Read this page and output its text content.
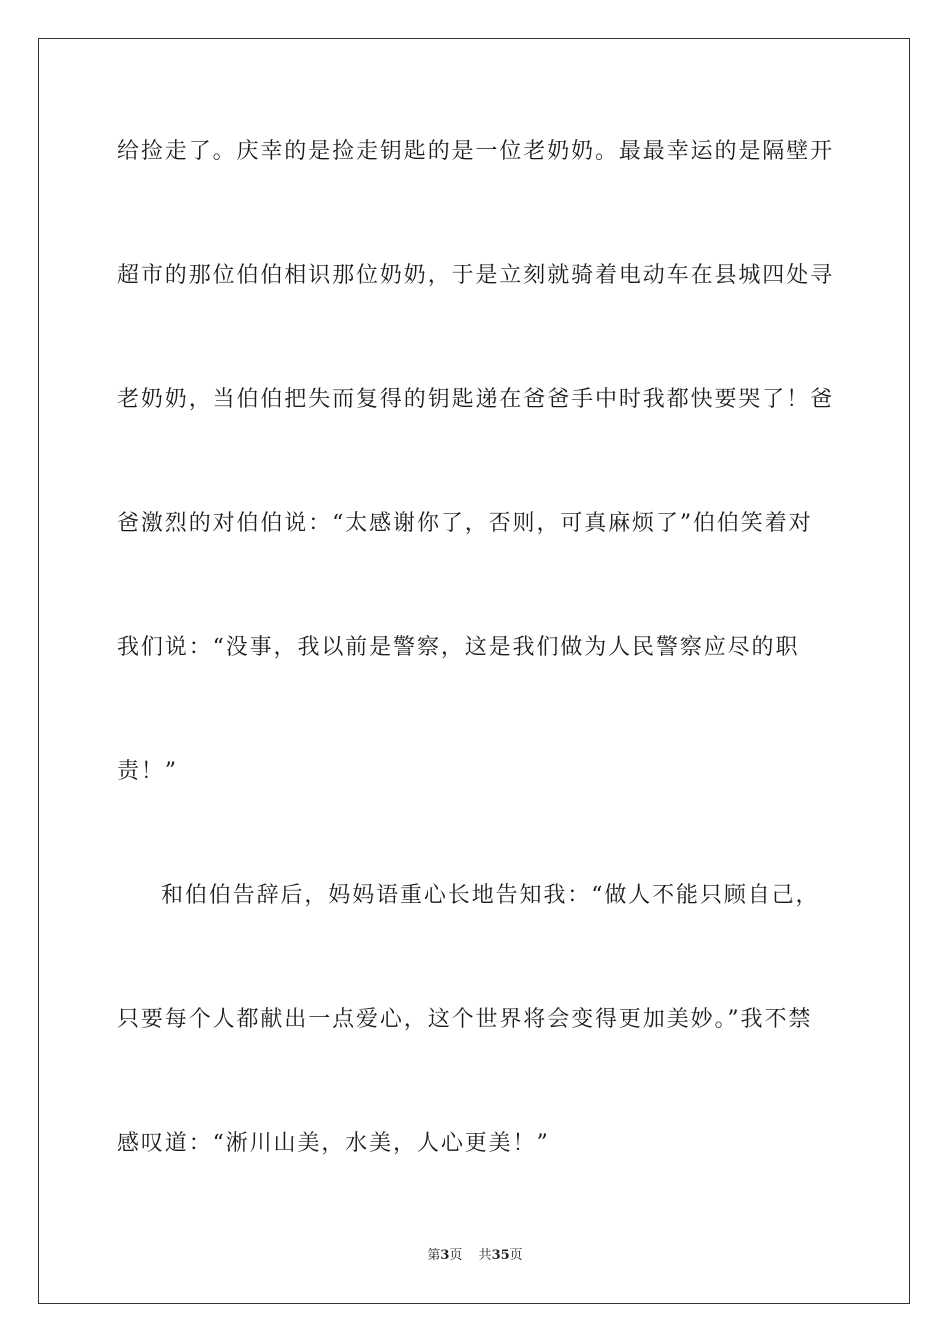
给捡走了。庆幸的是捡走钥匙的是一位老奶奶。最最幸运的是隔壁开
超市的那位伯伯相识那位奶奶，于是立刻就骑着电动车在县城四处寻
老奶奶，当伯伯把失而复得的钥匙递在爸爸手中时我都快要哭了！爸
爸激烈的对伯伯说：“太感谢你了，否则，可真麻烦了”伯伯笑着对
我们说：“没事，我以前是警察，这是我们做为人民警察应尽的职
责！”
和伯伯告辞后，妈妈语重心长地告知我：“做人不能只顾自己，
只要每个人都献出一点爱心，这个世界将会变得更加美妙。”我不禁
感叹道：“淅川山美，水美，人心更美！”
第3页 共35页
